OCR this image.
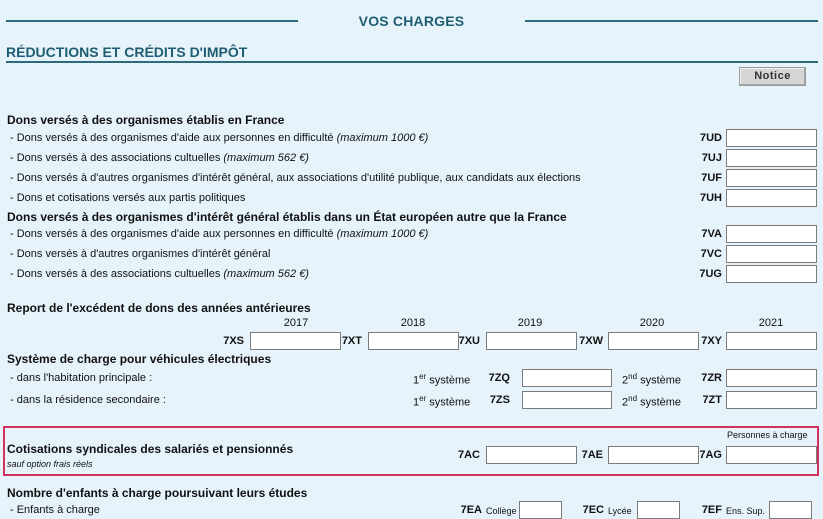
VOS CHARGES
RÉDUCTIONS ET CRÉDITS D'IMPÔT
Notice
Dons versés à des organismes établis en France
- Dons versés à des organismes d'aide aux personnes en difficulté (maximum 1000 €)	7UD
- Dons versés à des associations cultuelles (maximum 562 €)	7UJ
- Dons versés à d'autres organismes d'intérêt général, aux associations d'utilité publique, aux candidats aux élections	7UF
- Dons et cotisations versés aux partis politiques	7UH
Dons versés à des organismes d'intérêt général établis dans un État européen autre que la France
- Dons versés à des organismes d'aide aux personnes en difficulté (maximum 1000 €)	7VA
- Dons versés à d'autres organismes d'intérêt général	7VC
- Dons versés à des associations cultuelles (maximum 562 €)	7UG
Report de l'excédent de dons des années antérieures
2017	2018	2019	2020	2021
7XS	7XT	7XU	7XW	7XY
Système de charge pour véhicules électriques
- dans l'habitation principale :	1er système	7ZQ	2nd système	7ZR
- dans la résidence secondaire :	1er système	7ZS	2nd système	7ZT
Personnes à charge
Cotisations syndicales des salariés et pensionnés
sauf option frais réels
7AC	7AE	7AG
Nombre d'enfants à charge poursuivant leurs études
- Enfants à charge	7EA Collège	7EC Lycée	7EF Ens. Sup.
